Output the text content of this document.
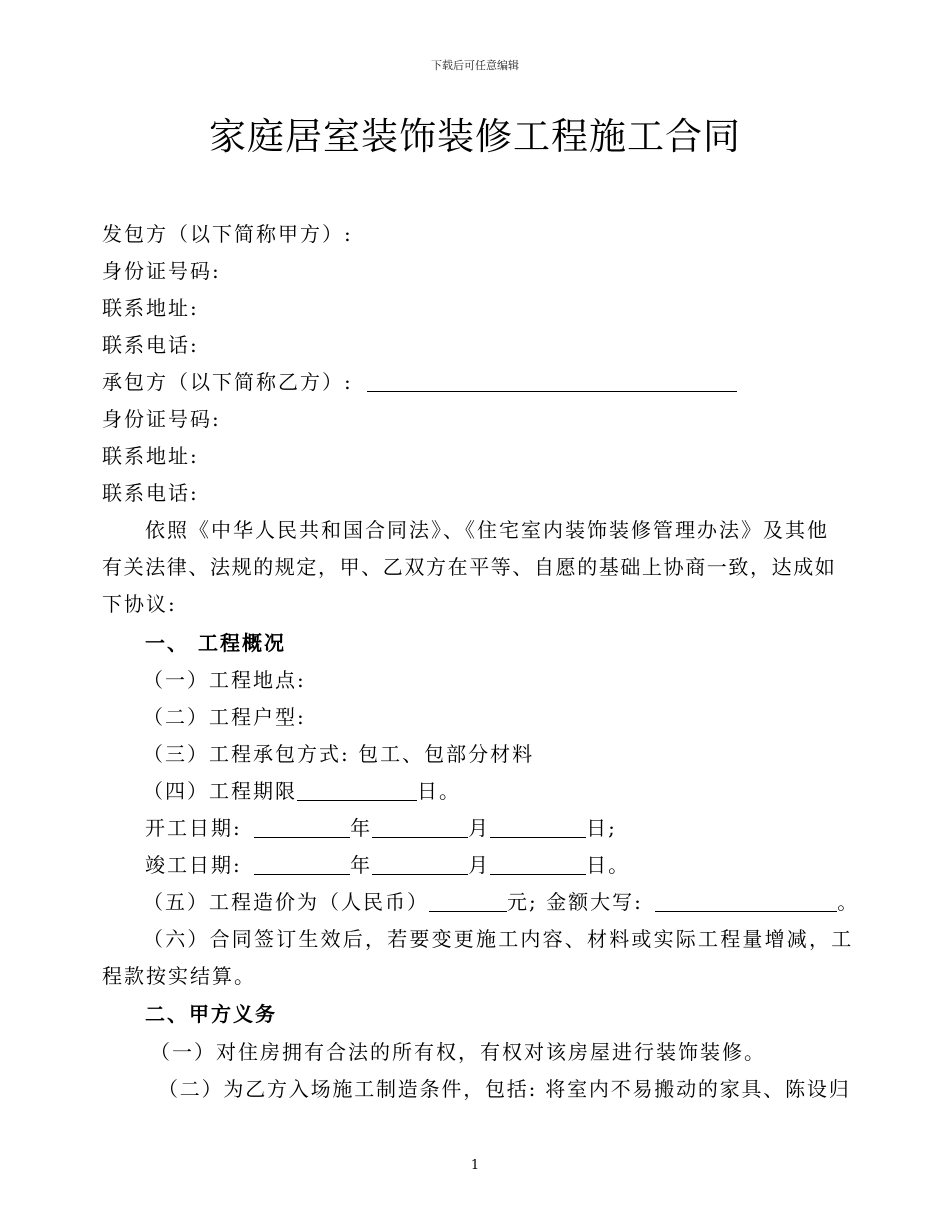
下载后可任意编辑
家庭居室装饰装修工程施工合同
发包方（以下简称甲方）:
身份证号码:
联系地址:
联系电话:
承包方（以下简称乙方）:
身份证号码:
联系地址:
联系电话:
依照《中华人民共和国合同法》、《住宅室内装饰装修管理办法》及其他
有关法律、法规的规定，甲、乙双方在平等、自愿的基础上协商一致，达成如
下协议:
一、 工程概况
（一）工程地点:
（二）工程户型:
（三）工程承包方式: 包工、包部分材料
（四）工程期限	日。
开工日期:	年	月	日;
竣工日期:	年	月	日。
（五）工程造价为（人民币）	元; 金额大写:	。
（六）合同签订生效后，若要变更施工内容、材料或实际工程量增减，工
程款按实结算。
二、甲方义务
（一）对住房拥有合法的所有权，有权对该房屋进行装饰装修。
（二）为乙方入场施工制造条件，包括: 将室内不易搬动的家具、陈设归
1
